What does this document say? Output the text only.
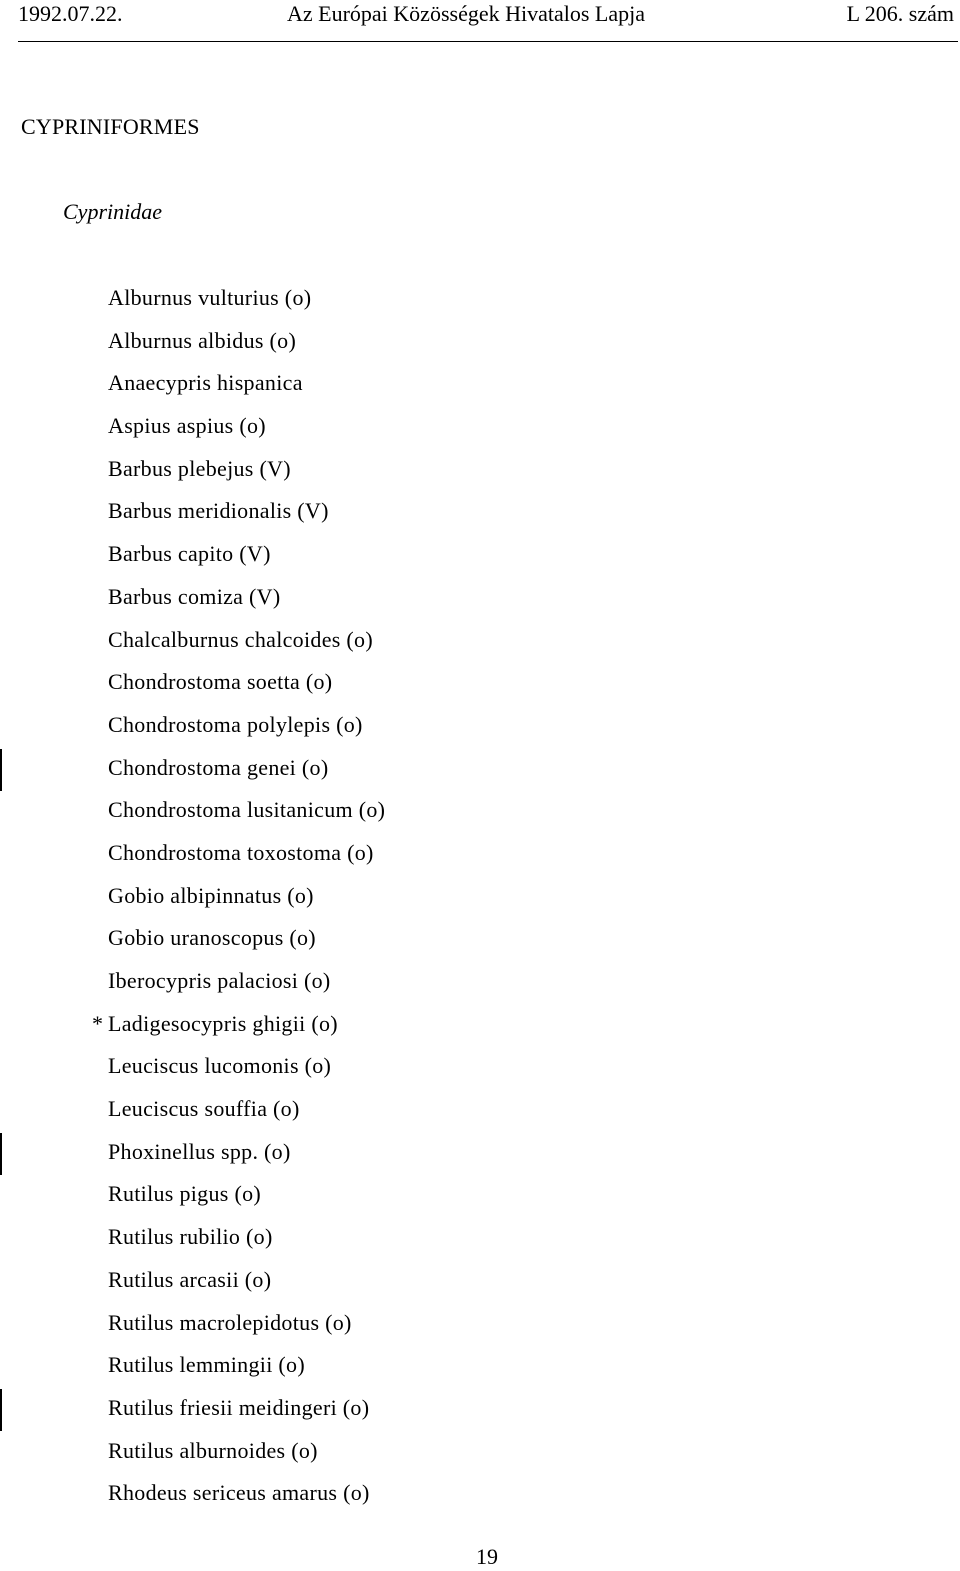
1992.07.22.	Az Európai Közösségek Hivatalos Lapja	L 206. szám
CYPRINIFORMES
Cyprinidae
Alburnus vulturius (o)
Alburnus albidus (o)
Anaecypris hispanica
Aspius aspius (o)
Barbus plebejus (V)
Barbus meridionalis (V)
Barbus capito (V)
Barbus comiza (V)
Chalcalburnus chalcoides (o)
Chondrostoma soetta (o)
Chondrostoma polylepis (o)
Chondrostoma genei (o)
Chondrostoma lusitanicum (o)
Chondrostoma toxostoma (o)
Gobio albipinnatus (o)
Gobio uranoscopus (o)
Iberocypris palaciosi (o)
* Ladigesocypris ghigii (o)
Leuciscus lucomonis (o)
Leuciscus souffia (o)
Phoxinellus spp. (o)
Rutilus pigus (o)
Rutilus rubilio (o)
Rutilus arcasii (o)
Rutilus macrolepidotus (o)
Rutilus lemmingii (o)
Rutilus friesii meidingeri (o)
Rutilus alburnoides (o)
Rhodeus sericeus amarus (o)
19
